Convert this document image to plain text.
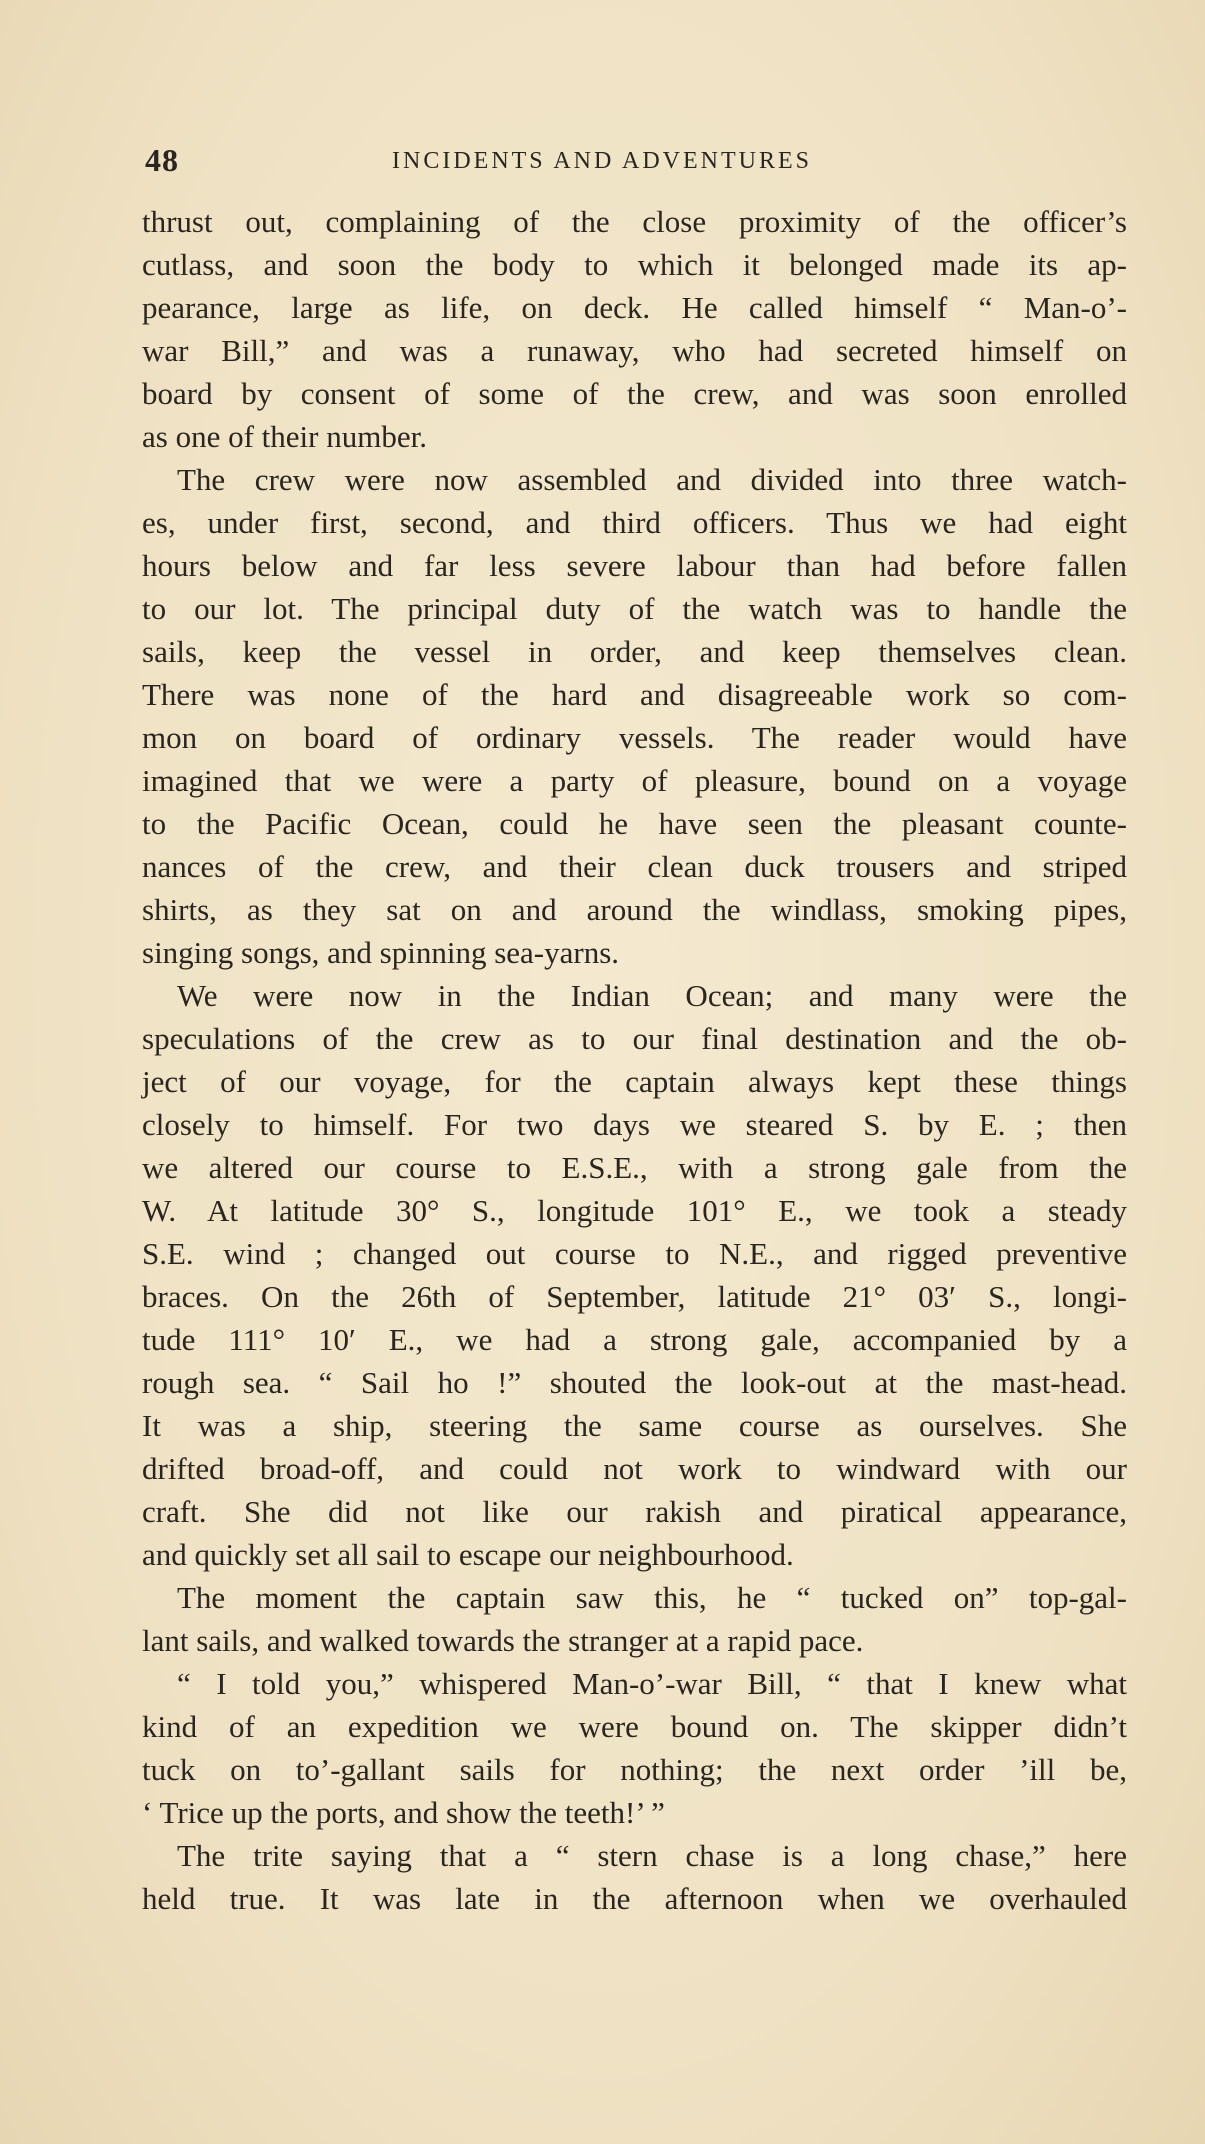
48	INCIDENTS AND ADVENTURES
thrust out, complaining of the close proximity of the officer’s
cutlass, and soon the body to which it belonged made its ap-
pearance, large as life, on deck. He called himself “ Man-o’-
war Bill,” and was a runaway, who had secreted himself on
board by consent of some of the crew, and was soon enrolled
as one of their number.
The crew were now assembled and divided into three watch-
es, under first, second, and third officers. Thus we had eight
hours below and far less severe labour than had before fallen
to our lot. The principal duty of the watch was to handle the
sails, keep the vessel in order, and keep themselves clean.
There was none of the hard and disagreeable work so com-
mon on board of ordinary vessels. The reader would have
imagined that we were a party of pleasure, bound on a voyage
to the Pacific Ocean, could he have seen the pleasant counte-
nances of the crew, and their clean duck trousers and striped
shirts, as they sat on and around the windlass, smoking pipes,
singing songs, and spinning sea-yarns.
We were now in the Indian Ocean; and many were the
speculations of the crew as to our final destination and the ob-
ject of our voyage, for the captain always kept these things
closely to himself. For two days we steared S. by E. ; then
we altered our course to E.S.E., with a strong gale from the
W. At latitude 30° S., longitude 101° E., we took a steady
S.E. wind ; changed out course to N.E., and rigged preventive
braces. On the 26th of September, latitude 21° 03′ S., longi-
tude 111° 10′ E., we had a strong gale, accompanied by a
rough sea. “ Sail ho !” shouted the look-out at the mast-head.
It was a ship, steering the same course as ourselves. She
drifted broad-off, and could not work to windward with our
craft. She did not like our rakish and piratical appearance,
and quickly set all sail to escape our neighbourhood.
The moment the captain saw this, he “ tucked on” top-gal-
lant sails, and walked towards the stranger at a rapid pace.
“ I told you,” whispered Man-o’-war Bill, “ that I knew what
kind of an expedition we were bound on. The skipper didn’t
tuck on to’-gallant sails for nothing; the next order ’ill be,
‘ Trice up the ports, and show the teeth!’ ”
The trite saying that a “ stern chase is a long chase,” here
held true. It was late in the afternoon when we overhauled
